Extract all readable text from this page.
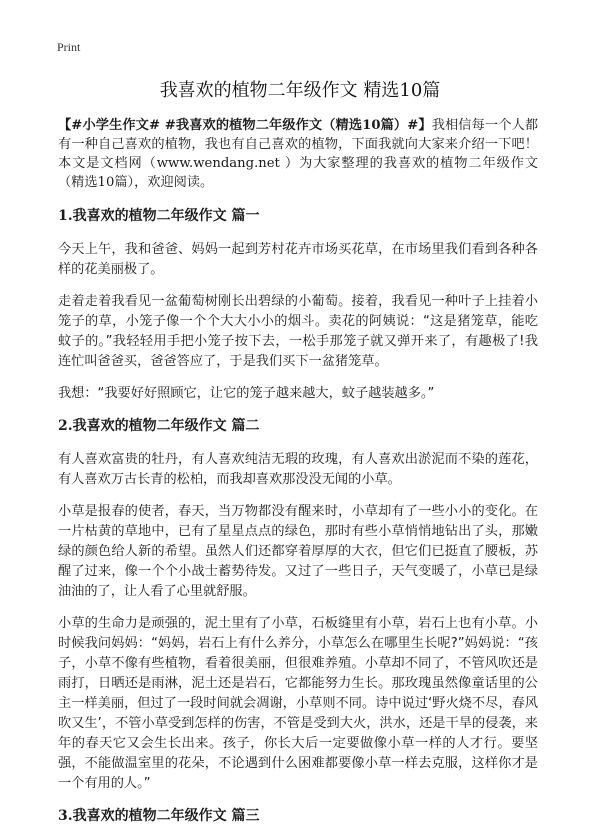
Print
我喜欢的植物二年级作文 精选10篇

【#小学生作文# #我喜欢的植物二年级作文（精选10篇）#】我相信每一个人都有一种自己喜欢的植物，我也有自己喜欢的植物，下面我就向大家来介绍一下吧！本文是文档网（www.wendang.net ）为大家整理的我喜欢的植物二年级作文（精选10篇），欢迎阅读。

1.我喜欢的植物二年级作文 篇一

今天上午，我和爸爸、妈妈一起到芳村花卉市场买花草，在市场里我们看到各种各样的花美丽极了。

走着走着我看见一盆葡萄树刚长出碧绿的小葡萄。接着，我看见一种叶子上挂着小笼子的草，小笼子像一个个大大小小的烟斗。卖花的阿姨说：“这是猪笼草，能吃蚊子的。”我轻轻用手把小笼子按下去，一松手那笼子就又弹开来了，有趣极了!我连忙叫爸爸买，爸爸答应了，于是我们买下一盆猪笼草。

我想：“我要好好照顾它，让它的笼子越来越大，蚊子越装越多。”

2.我喜欢的植物二年级作文 篇二

有人喜欢富贵的牡丹，有人喜欢纯洁无瑕的玫瑰，有人喜欢出淤泥而不染的莲花，有人喜欢万古长青的松柏，而我却喜欢那没没无闻的小草。

小草是报春的使者，春天，当万物都没有醒来时，小草却有了一些小小的变化。在一片枯黄的草地中，已有了星星点点的绿色，那时有些小草悄悄地钻出了头，那嫩绿的颜色给人新的希望。虽然人们还都穿着厚厚的大衣，但它们已挺直了腰板，苏醒了过来，像一个个小战士蓄势待发。又过了一些日子，天气变暖了，小草已是绿油油的了，让人看了心里就舒服。

小草的生命力是顽强的，泥土里有了小草，石板缝里有小草，岩石上也有小草。小时候我问妈妈：“妈妈，岩石上有什么养分，小草怎么在哪里生长呢?”妈妈说：“孩子，小草不像有些植物，看着很美丽，但很难养殖。小草却不同了，不管风吹还是雨打，日晒还是雨淋，泥土还是岩石，它都能努力生长。那玫瑰虽然像童话里的公主一样美丽，但过了一段时间就会凋谢，小草则不同。诗中说过‘野火烧不尽，春风吹又生’，不管小草受到怎样的伤害，不管是受到大火，洪水，还是干旱的侵袭，来年的春天它又会生长出来。孩子，你长大后一定要做像小草一样的人才行。要坚强，不能做温室里的花朵，不论遇到什么困难都要像小草一样去克服，这样你才是一个有用的人。”

3.我喜欢的植物二年级作文 篇三
